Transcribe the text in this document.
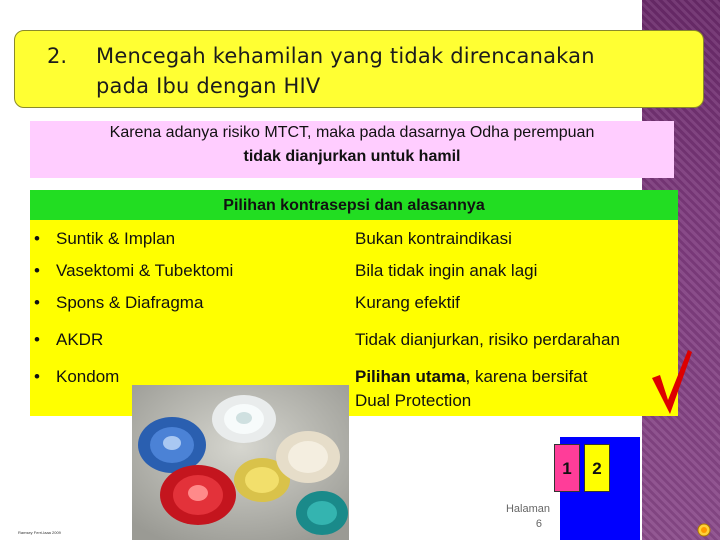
2. Mencegah kehamilan yang tidak direncanakan
pada Ibu dengan HIV
Karena adanya risiko MTCT, maka pada dasarnya Odha perempuan
tidak dianjurkan untuk hamil
Pilihan kontrasepsi dan alasannya
• Suntik & Implan	Bukan kontraindikasi
• Vasektomi & Tubektomi	Bila tidak ingin anak lagi
• Spons & Diafragma	Kurang efektif
• AKDR	Tidak dianjurkan, risiko perdarahan
• Kondom	Pilihan utama, karena bersifat
Dual Protection
1	2
Halaman
6
Ramsey Ferri-laaa 2009
